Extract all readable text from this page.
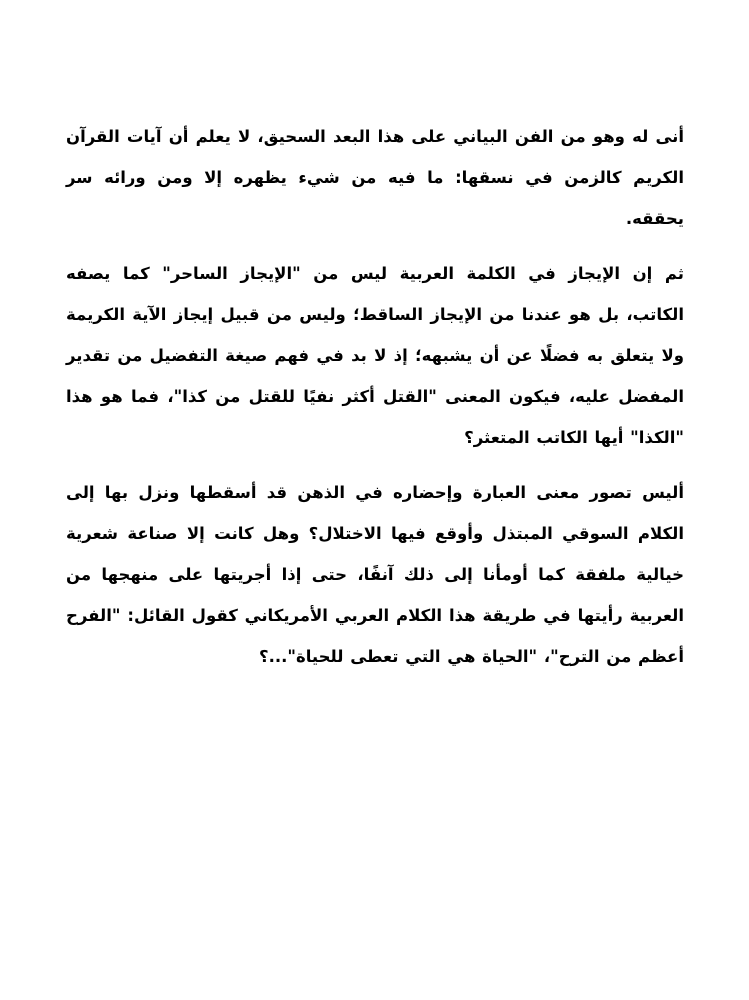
أنى له وهو من الفن البياني على هذا البعد السحيق، لا يعلم أن آيات القرآن الكريم كالزمن في نسقها: ما فيه من شيء يظهره إلا ومن ورائه سر يحققه.

ثم إن الإيجاز في الكلمة العربية ليس من "الإيجاز الساحر" كما يصفه الكاتب، بل هو عندنا من الإيجاز الساقط؛ وليس من قبيل إيجاز الآية الكريمة ولا يتعلق به فضلًا عن أن يشبهه؛ إذ لا بد في فهم صيغة التفضيل من تقدير المفضل عليه، فيكون المعنى "القتل أكثر نفيًا للقتل من كذا"، فما هو هذا "الكذا" أيها الكاتب المتعثر؟

أليس تصور معنى العبارة وإحضاره في الذهن قد أسقطها ونزل بها إلى الكلام السوقي المبتذل وأوقع فيها الاختلال؟ وهل كانت إلا صناعة شعرية خيالية ملفقة كما أومأنا إلى ذلك آنفًا، حتى إذا أجريتها على منهجها من العربية رأيتها في طريقة هذا الكلام العربي الأمريكاني كقول القائل: "الفرح أعظم من الترح"، "الحياة هي التي تعطى للحياة"...؟
